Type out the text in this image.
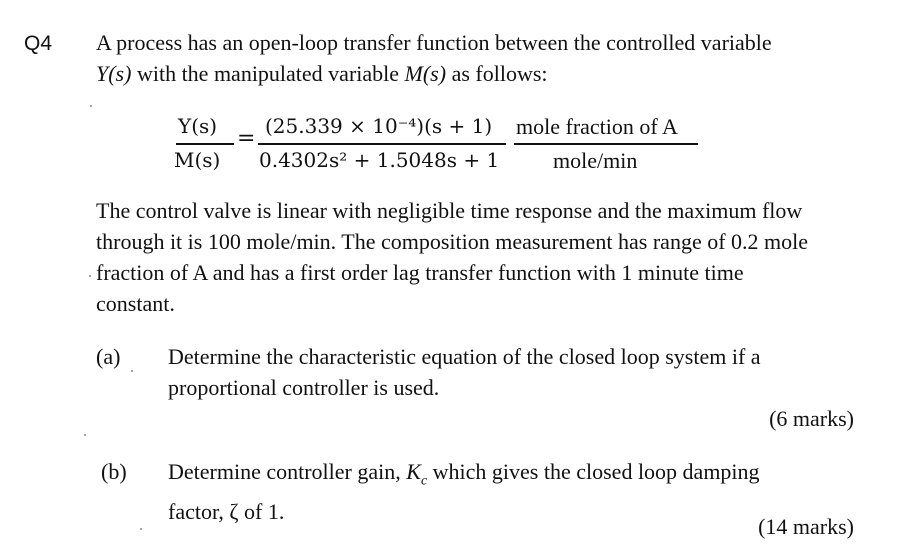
Q4 A process has an open-loop transfer function between the controlled variable
Y(s) with the manipulated variable M(s) as follows:
Y(s)
M(s)
= (25.339 × 10⁻⁴)(s + 1)
0.4302s² + 1.5048s + 1
mole fraction of A
mole/min
The control valve is linear with negligible time response and the maximum flow
through it is 100 mole/min. The composition measurement has range of 0.2 mole
fraction of A and has a first order lag transfer function with 1 minute time
constant.
(a) Determine the characteristic equation of the closed loop system if a
proportional controller is used.
(6 marks)
(b) Determine controller gain, $K_c$ which gives the closed loop damping
factor, ζ of 1.
(14 marks)
